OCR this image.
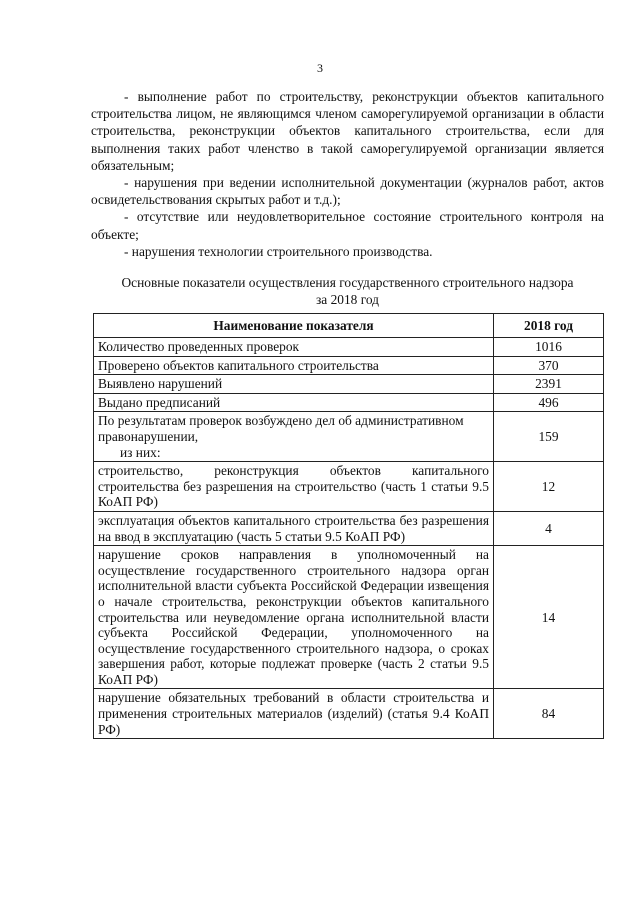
3

- выполнение работ по строительству, реконструкции объектов капитального строительства лицом, не являющимся членом саморегулируемой организации в области строительства, реконструкции объектов капитального строительства, если для выполнения таких работ членство в такой саморегулируемой организации является обязательным;

- нарушения при ведении исполнительной документации (журналов работ, актов освидетельствования скрытых работ и т.д.);

- отсутствие или неудовлетворительное состояние строительного контроля на объекте;

- нарушения технологии строительного производства.

Основные показатели осуществления государственного строительного надзора
за 2018 год
Наименование показателя	2018 год
Количество проведенных проверок	1016
Проверено объектов капитального строительства	370
Выявлено нарушений	2391
Выдано предписаний	496

По результатам проверок возбуждено дел об административном правонарушении,
из них:	159
строительство, реконструкция объектов капитального строительства без разрешения на строительство (часть 1 статьи 9.5 КоАП РФ)	12
эксплуатация объектов капитального строительства без разрешения на ввод в эксплуатацию (часть 5 статьи 9.5 КоАП РФ)	4
нарушение сроков направления в уполномоченный на осуществление государственного строительного надзора орган исполнительной власти субъекта Российской Федерации извещения о начале строительства, реконструкции объектов капитального строительства или неуведомление органа исполнительной власти субъекта Российской Федерации, уполномоченного на осуществление государственного строительного надзора, о сроках завершения работ, которые подлежат проверке (часть 2 статьи 9.5 КоАП РФ)	14
нарушение обязательных требований в области строительства и применения строительных материалов (изделий) (статья 9.4 КоАП РФ)	84
